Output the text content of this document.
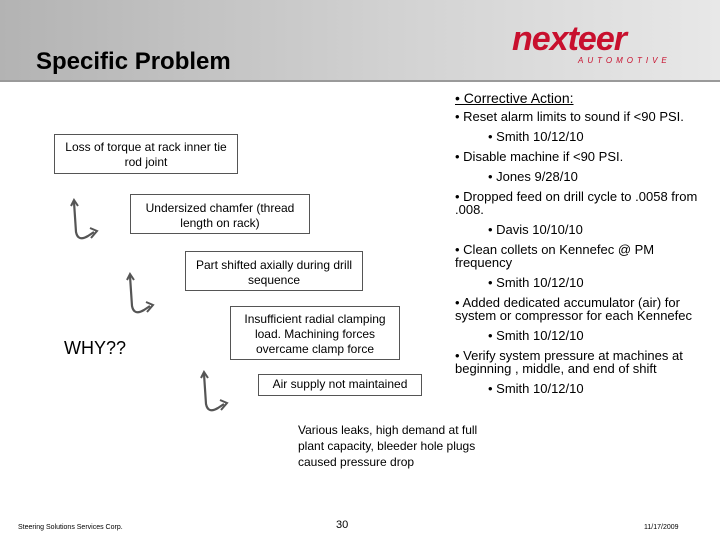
Specific Problem
nexteer
AUTOMOTIVE
Loss of torque at rack inner tie rod joint
Undersized chamfer (thread length on rack)
Part shifted axially during drill sequence
Insufficient radial clamping load. Machining forces overcame clamp force
Air supply not maintained
Various leaks, high demand at full plant capacity, bleeder hole plugs caused pressure drop
WHY??
• Corrective Action:
• Reset alarm limits to sound if <90 PSI.
• Smith 10/12/10
• Disable machine if <90 PSI.
• Jones 9/28/10
• Dropped feed on drill cycle to .0058 from .008.
• Davis 10/10/10
• Clean collets on Kennefec @ PM frequency
• Smith 10/12/10
• Added dedicated accumulator (air) for system or compressor for each Kennefec
• Smith 10/12/10
• Verify system pressure at machines at beginning , middle, and end of shift
• Smith 10/12/10
Steering Solutions Services Corp.	30	11/17/2009
